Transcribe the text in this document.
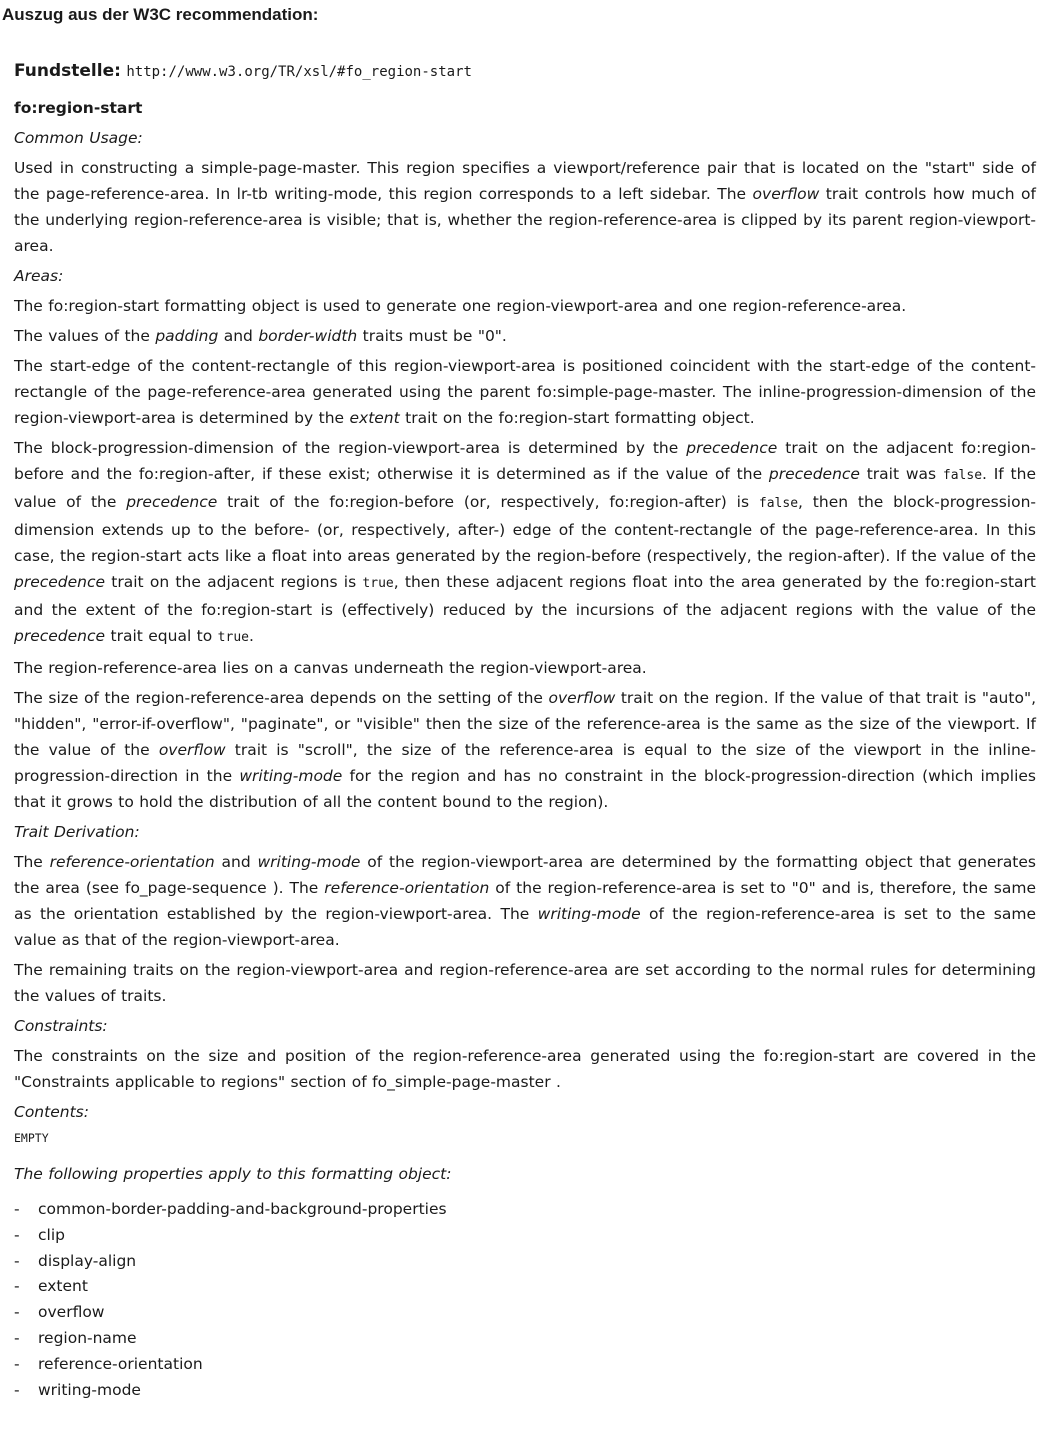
Auszug aus der W3C recommendation:

Fundstelle: http://www.w3.org/TR/xsl/#fo_region-start

fo:region-start

Common Usage:

Used in constructing a simple-page-master. This region specifies a viewport/reference pair that is located on the "start" side of the page-reference-area. In lr-tb writing-mode, this region corresponds to a left sidebar. The overflow trait controls how much of the underlying region-reference-area is visible; that is, whether the region-reference-area is clipped by its parent region-viewport-area.

Areas:

The fo:region-start formatting object is used to generate one region-viewport-area and one region-reference-area.

The values of the padding and border-width traits must be "0".

The start-edge of the content-rectangle of this region-viewport-area is positioned coincident with the start-edge of the content-rectangle of the page-reference-area generated using the parent fo:simple-page-master. The inline-progression-dimension of the region-viewport-area is determined by the extent trait on the fo:region-start formatting object.

The block-progression-dimension of the region-viewport-area is determined by the precedence trait on the adjacent fo:region-before and the fo:region-after, if these exist; otherwise it is determined as if the value of the precedence trait was false. If the value of the precedence trait of the fo:region-before (or, respectively, fo:region-after) is false, then the block-progression-dimension extends up to the before- (or, respectively, after-) edge of the content-rectangle of the page-reference-area. In this case, the region-start acts like a float into areas generated by the region-before (respectively, the region-after). If the value of the precedence trait on the adjacent regions is true, then these adjacent regions float into the area generated by the fo:region-start and the extent of the fo:region-start is (effectively) reduced by the incursions of the adjacent regions with the value of the precedence trait equal to true.

The region-reference-area lies on a canvas underneath the region-viewport-area.

The size of the region-reference-area depends on the setting of the overflow trait on the region. If the value of that trait is "auto", "hidden", "error-if-overflow", "paginate", or "visible" then the size of the reference-area is the same as the size of the viewport. If the value of the overflow trait is "scroll", the size of the reference-area is equal to the size of the viewport in the inline-progression-direction in the writing-mode for the region and has no constraint in the block-progression-direction (which implies that it grows to hold the distribution of all the content bound to the region).

Trait Derivation:

The reference-orientation and writing-mode of the region-viewport-area are determined by the formatting object that generates the area (see fo_page-sequence ). The reference-orientation of the region-reference-area is set to "0" and is, therefore, the same as the orientation established by the region-viewport-area. The writing-mode of the region-reference-area is set to the same value as that of the region-viewport-area.

The remaining traits on the region-viewport-area and region-reference-area are set according to the normal rules for determining the values of traits.

Constraints:

The constraints on the size and position of the region-reference-area generated using the fo:region-start are covered in the "Constraints applicable to regions" section of fo_simple-page-master .

Contents:

EMPTY

The following properties apply to this formatting object:

- common-border-padding-and-background-properties
- clip
- display-align
- extent
- overflow
- region-name
- reference-orientation
- writing-mode
